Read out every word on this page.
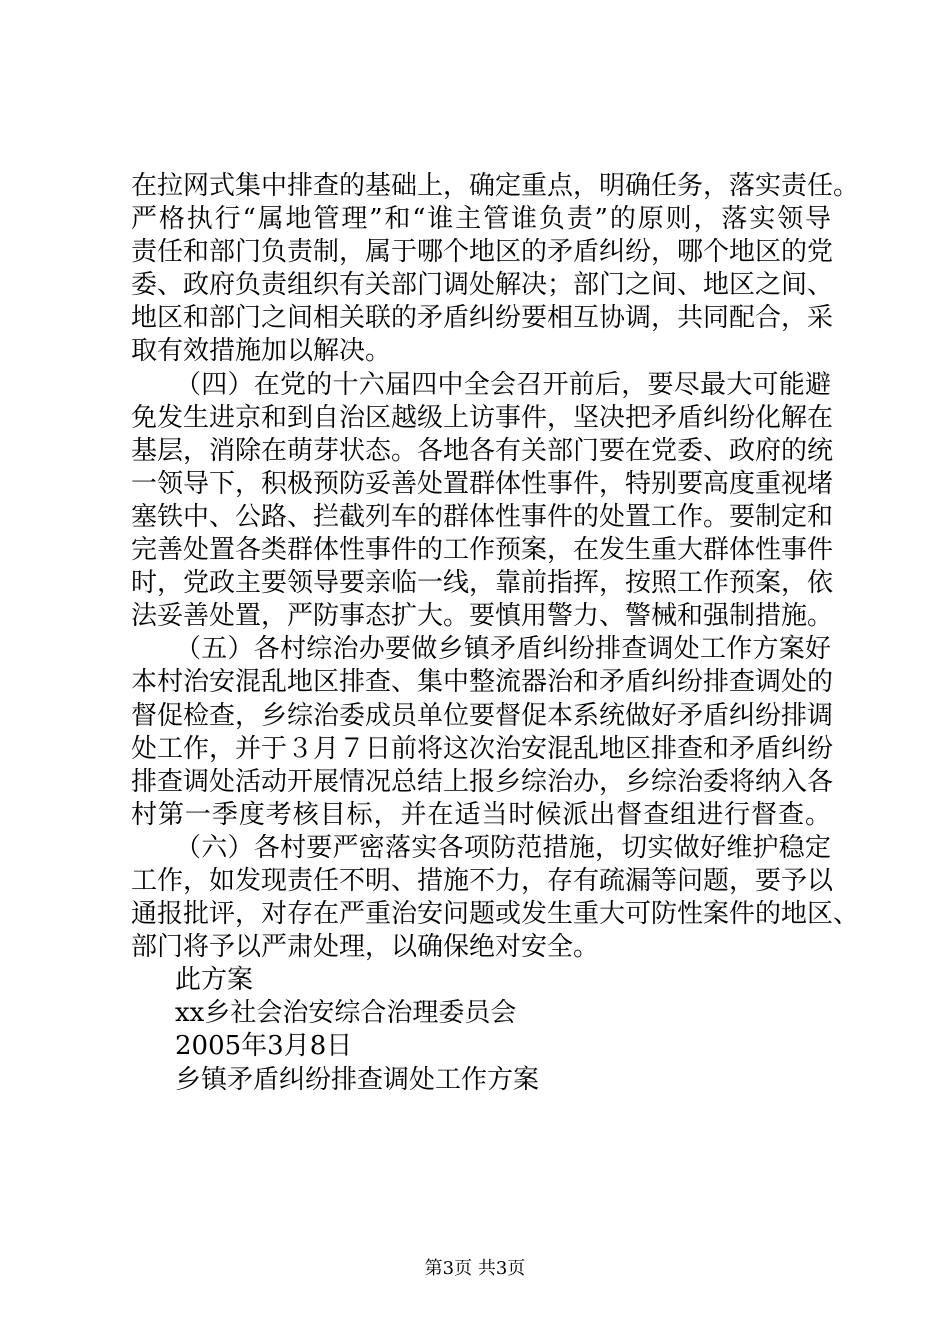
在拉网式集中排查的基础上，确定重点，明确任务，落实责任。
严格执行“属地管理”和“谁主管谁负责”的原则，落实领导
责任和部门负责制，属于哪个地区的矛盾纠纷，哪个地区的党
委、政府负责组织有关部门调处解决；部门之间、地区之间、
地区和部门之间相关联的矛盾纠纷要相互协调，共同配合，采
取有效措施加以解决。
（四）在党的十六届四中全会召开前后，要尽最大可能避
免发生进京和到自治区越级上访事件，坚决把矛盾纠纷化解在
基层，消除在萌芽状态。各地各有关部门要在党委、政府的统
一领导下，积极预防妥善处置群体性事件，特别要高度重视堵
塞铁中、公路、拦截列车的群体性事件的处置工作。要制定和
完善处置各类群体性事件的工作预案，在发生重大群体性事件
时，党政主要领导要亲临一线，靠前指挥，按照工作预案，依
法妥善处置，严防事态扩大。要慎用警力、警械和强制措施。
（五）各村综治办要做乡镇矛盾纠纷排查调处工作方案好
本村治安混乱地区排查、集中整流器治和矛盾纠纷排查调处的
督促检查，乡综治委成员单位要督促本系统做好矛盾纠纷排调
处工作，并于３月７日前将这次治安混乱地区排查和矛盾纠纷
排查调处活动开展情况总结上报乡综治办，乡综治委将纳入各
村第一季度考核目标，并在适当时候派出督查组进行督查。
（六）各村要严密落实各项防范措施，切实做好维护稳定
工作，如发现责任不明、措施不力，存有疏漏等问题，要予以
通报批评，对存在严重治安问题或发生重大可防性案件的地区、
部门将予以严肃处理，以确保绝对安全。
此方案
xx乡社会治安综合治理委员会
2005年3月8日
乡镇矛盾纠纷排查调处工作方案
第3页 共3页
